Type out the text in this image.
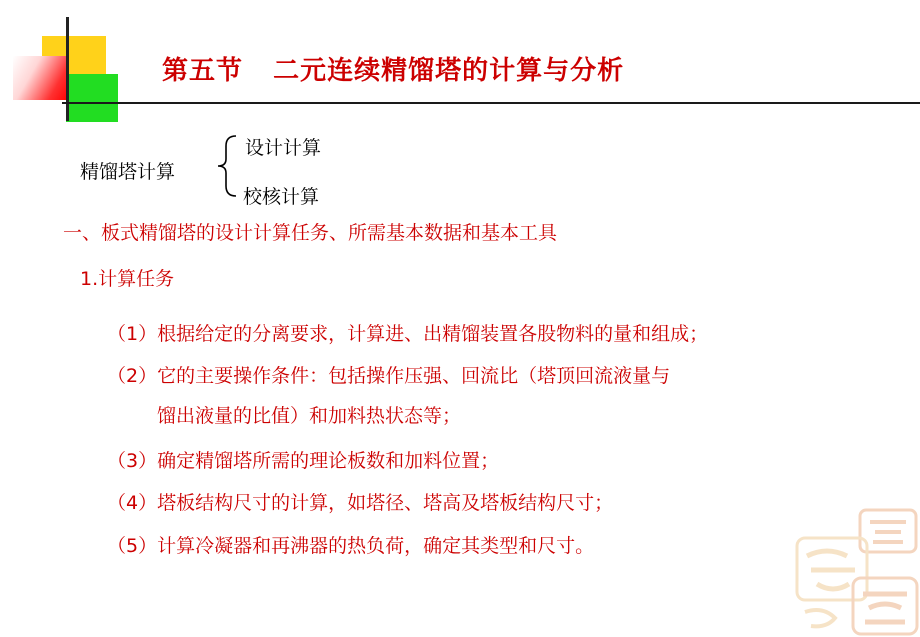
第五节   二元连续精馏塔的计算与分析
精馏塔计算
设计计算
校核计算
一、板式精馏塔的设计计算任务、所需基本数据和基本工具
1.计算任务
（1）根据给定的分离要求，计算进、出精馏装置各股物料的量和组成；
（2）它的主要操作条件：包括操作压强、回流比（塔顶回流液量与
馏出液量的比值）和加料热状态等；
（3）确定精馏塔所需的理论板数和加料位置；
（4）塔板结构尺寸的计算，如塔径、塔高及塔板结构尺寸；
（5）计算冷凝器和再沸器的热负荷，确定其类型和尺寸。
